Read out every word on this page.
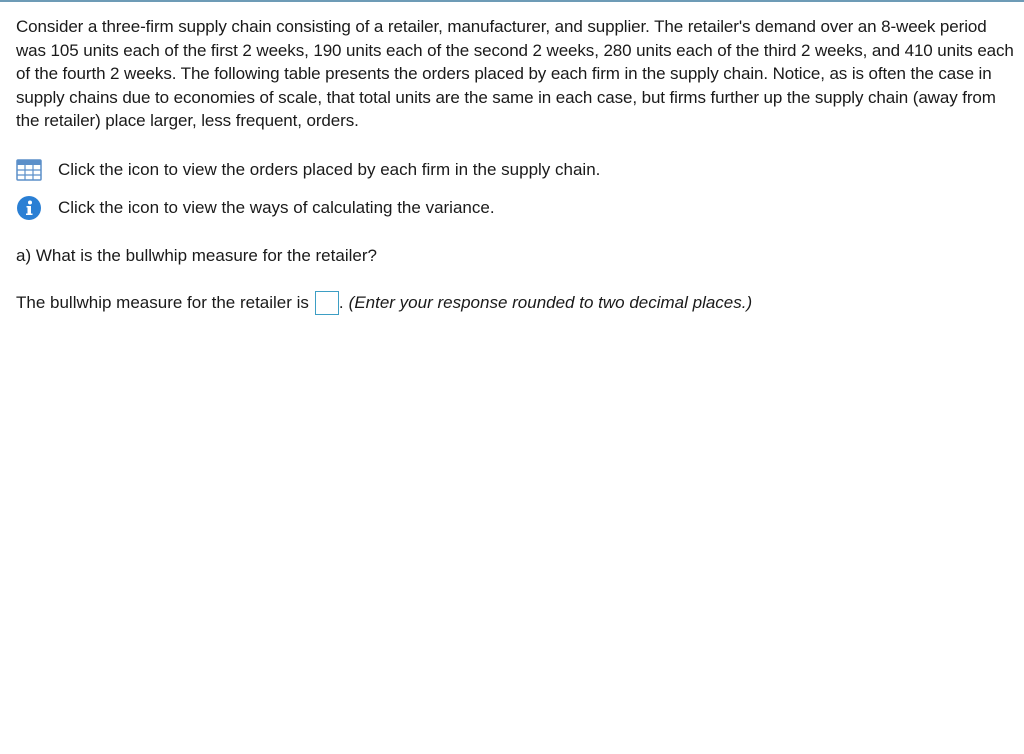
Consider a three-firm supply chain consisting of a retailer, manufacturer, and supplier. The retailer's demand over an 8-week period was 105 units each of the first 2 weeks, 190 units each of the second 2 weeks, 280 units each of the third 2 weeks, and 410 units each of the fourth 2 weeks. The following table presents the orders placed by each firm in the supply chain. Notice, as is often the case in supply chains due to economies of scale, that total units are the same in each case, but firms further up the supply chain (away from the retailer) place larger, less frequent, orders.

Click the icon to view the orders placed by each firm in the supply chain.
Click the icon to view the ways of calculating the variance.

a) What is the bullwhip measure for the retailer?

The bullwhip measure for the retailer is . (Enter your response rounded to two decimal places.)
